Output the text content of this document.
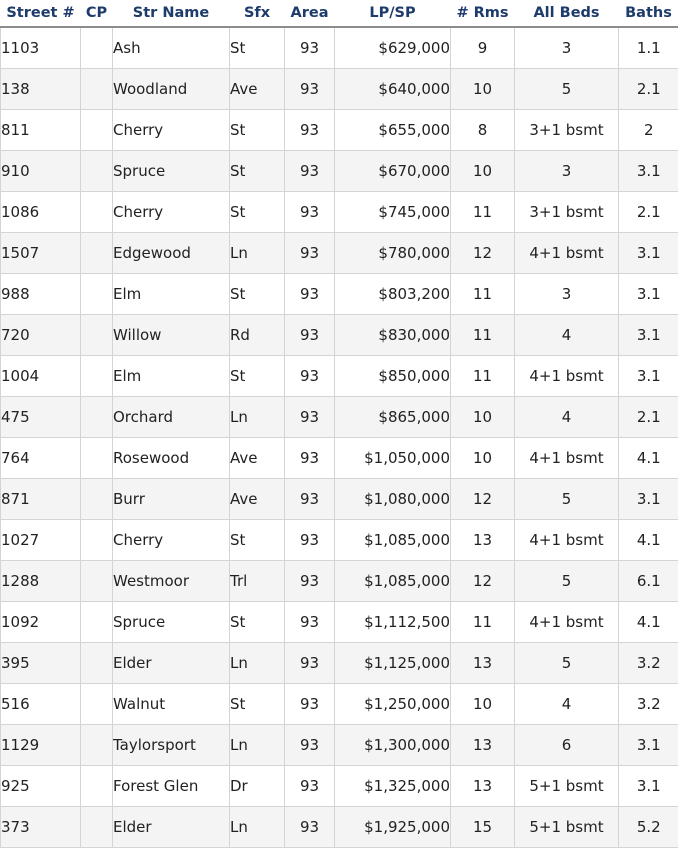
Street #	CP	Str Name	Sfx	Area	LP/SP	# Rms	All Beds	Baths
1103		Ash	St	93	$629,000	9	3	1.1
138		Woodland	Ave	93	$640,000	10	5	2.1
811		Cherry	St	93	$655,000	8	3+1 bsmt	2
910		Spruce	St	93	$670,000	10	3	3.1
1086		Cherry	St	93	$745,000	11	3+1 bsmt	2.1
1507		Edgewood	Ln	93	$780,000	12	4+1 bsmt	3.1
988		Elm	St	93	$803,200	11	3	3.1
720		Willow	Rd	93	$830,000	11	4	3.1
1004		Elm	St	93	$850,000	11	4+1 bsmt	3.1
475		Orchard	Ln	93	$865,000	10	4	2.1
764		Rosewood	Ave	93	$1,050,000	10	4+1 bsmt	4.1
871		Burr	Ave	93	$1,080,000	12	5	3.1
1027		Cherry	St	93	$1,085,000	13	4+1 bsmt	4.1
1288		Westmoor	Trl	93	$1,085,000	12	5	6.1
1092		Spruce	St	93	$1,112,500	11	4+1 bsmt	4.1
395		Elder	Ln	93	$1,125,000	13	5	3.2
516		Walnut	St	93	$1,250,000	10	4	3.2
1129		Taylorsport	Ln	93	$1,300,000	13	6	3.1
925		Forest Glen	Dr	93	$1,325,000	13	5+1 bsmt	3.1
373		Elder	Ln	93	$1,925,000	15	5+1 bsmt	5.2
